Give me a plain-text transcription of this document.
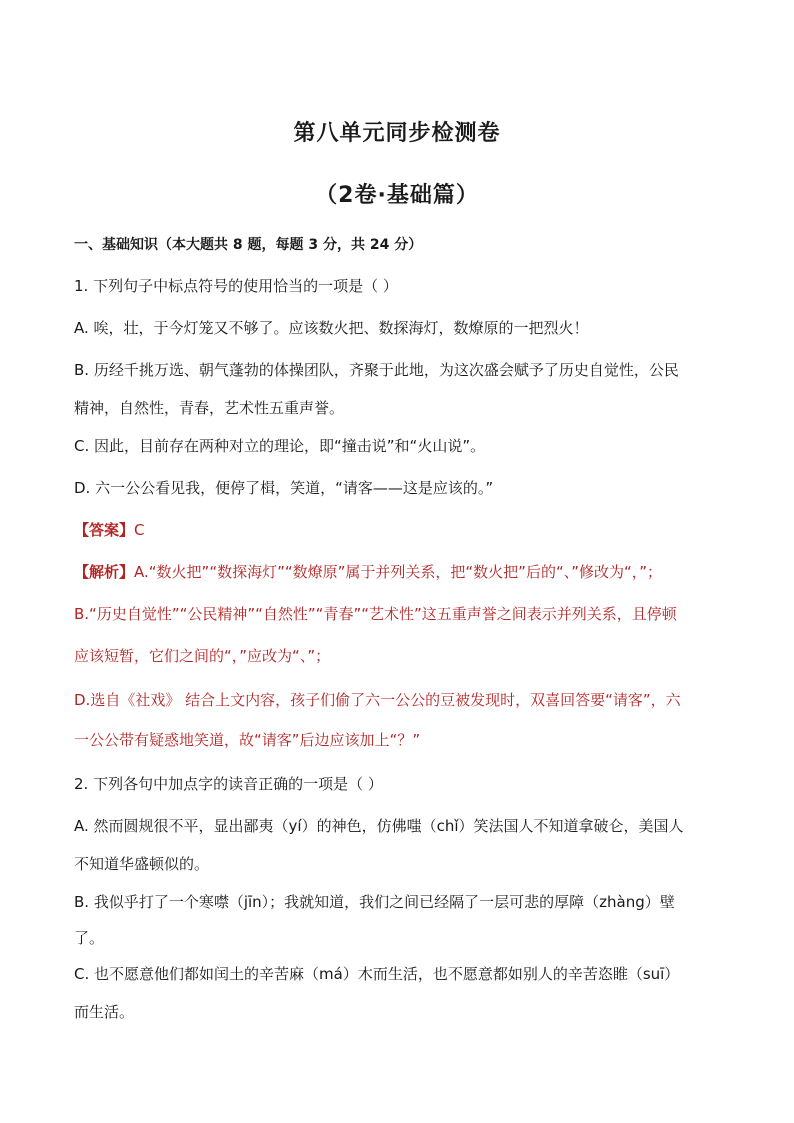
第八单元同步检测卷
（2卷·基础篇）
一、基础知识（本大题共 8 题，每题 3 分，共 24 分）
1. 下列句子中标点符号的使用恰当的一项是（ ）
A. 唉，壮，于今灯笼又不够了。应该数火把、数探海灯，数燎原的一把烈火！
B. 历经千挑万选、朝气蓬勃的体操团队，齐聚于此地，为这次盛会赋予了历史自觉性，公民
精神，自然性，青春，艺术性五重声誉。
C. 因此，目前存在两种对立的理论，即“撞击说”和“火山说”。
D. 六一公公看见我，便停了楫，笑道，“请客——这是应该的。”
【答案】C
【解析】A.“数火把”“数探海灯”“数燎原”属于并列关系，把“数火把”后的“、”修改为“，”；
B.“历史自觉性”“公民精神”“自然性”“青春”“艺术性”这五重声誉之间表示并列关系，且停顿
应该短暂，它们之间的“，”应改为“、”；
D.选自《社戏》 结合上文内容，孩子们偷了六一公公的豆被发现时，双喜回答要“请客”，六
一公公带有疑惑地笑道，故“请客”后边应该加上“？”
2. 下列各句中加点字的读音正确的一项是（ ）
A. 然而圆规很不平，显出鄙夷（yí）的神色，仿佛嗤（chǐ）笑法国人不知道拿破仑，美国人
不知道华盛顿似的。
B. 我似乎打了一个寒噤（jīn）；我就知道，我们之间已经隔了一层可悲的厚障（zhàng）壁
了。
C. 也不愿意他们都如闰土的辛苦麻（má）木而生活，也不愿意都如别人的辛苦恣睢（suī）
而生活。
